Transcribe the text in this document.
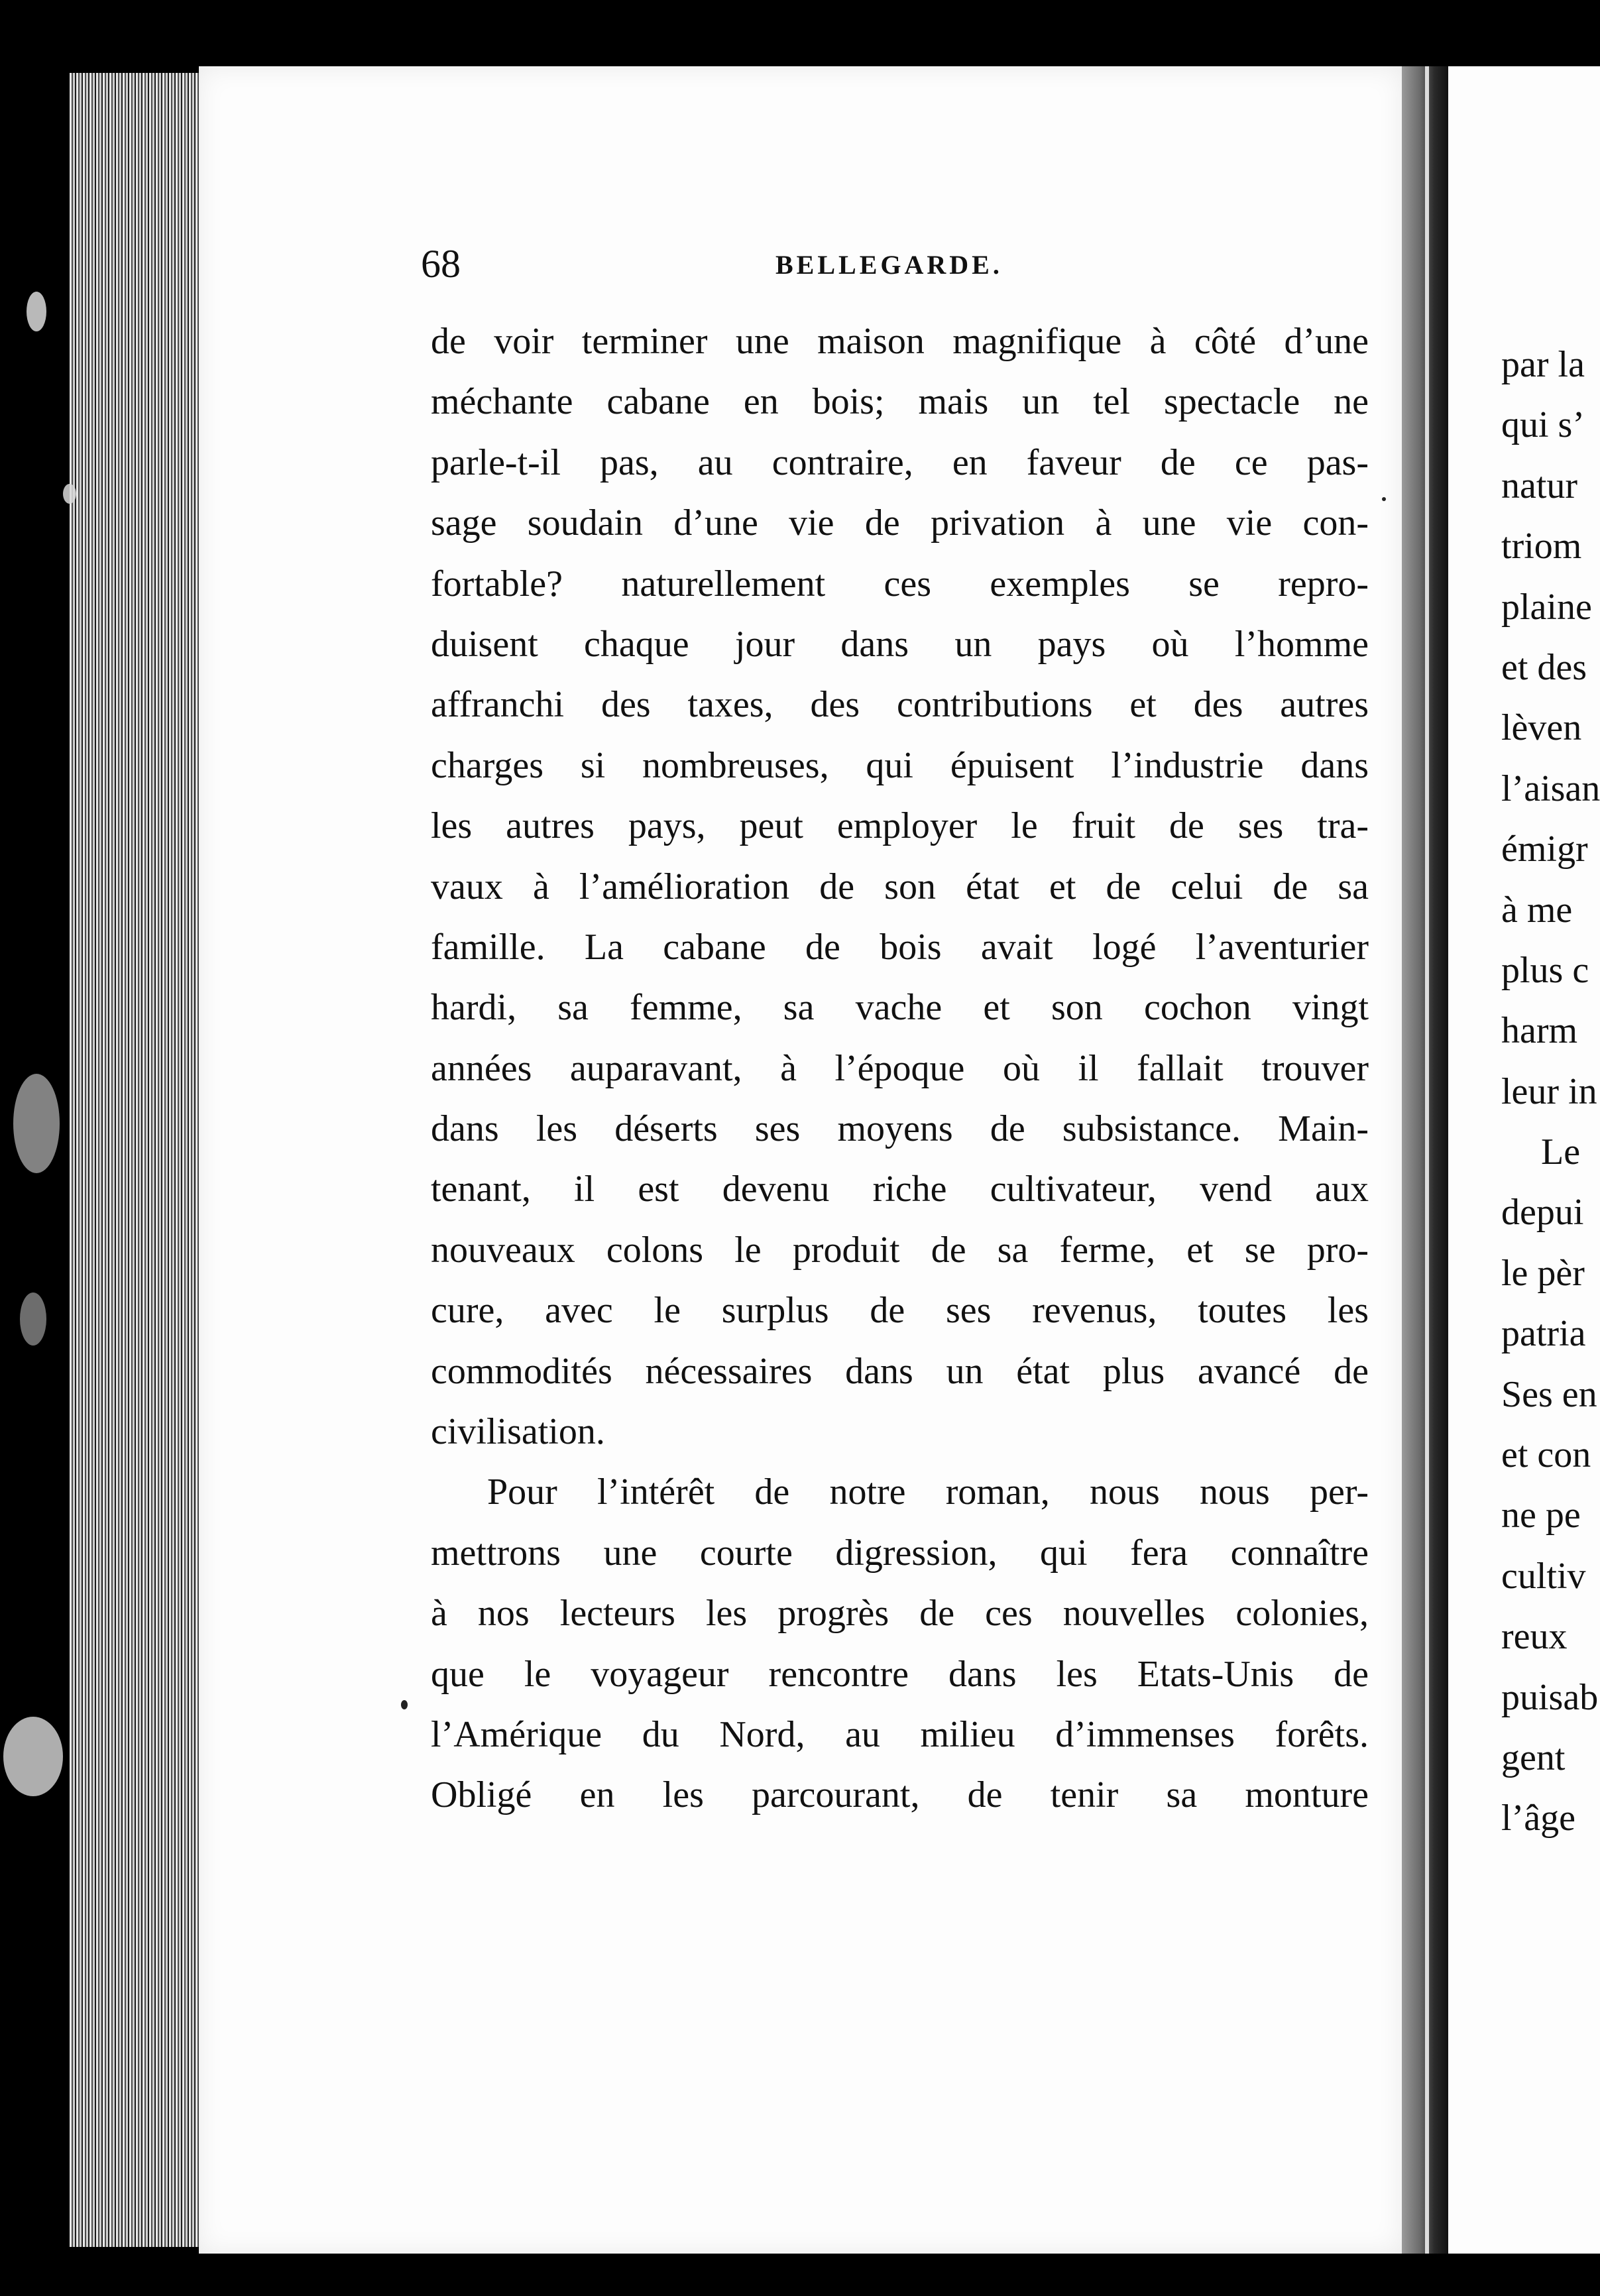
68	BELLEGARDE.
de voir terminer une maison magnifique à côté d’une
méchante cabane en bois; mais un tel spectacle ne
parle-t-il pas, au contraire, en faveur de ce pas-
sage soudain d’une vie de privation à une vie con-
fortable? naturellement ces exemples se repro-
duisent chaque jour dans un pays où l’homme
affranchi des taxes, des contributions et des autres
charges si nombreuses, qui épuisent l’industrie dans
les autres pays, peut employer le fruit de ses tra-
vaux à l’amélioration de son état et de celui de sa
famille. La cabane de bois avait logé l’aventurier
hardi, sa femme, sa vache et son cochon vingt
années auparavant, à l’époque où il fallait trouver
dans les déserts ses moyens de subsistance. Main-
tenant, il est devenu riche cultivateur, vend aux
nouveaux colons le produit de sa ferme, et se pro-
cure, avec le surplus de ses revenus, toutes les
commodités nécessaires dans un état plus avancé de
civilisation.
Pour l’intérêt de notre roman, nous nous per-
mettrons une courte digression, qui fera connaître
à nos lecteurs les progrès de ces nouvelles colonies,
que le voyageur rencontre dans les Etats-Unis de
l’Amérique du Nord, au milieu d’immenses forêts.
Obligé en les parcourant, de tenir sa monture
par la
qui s’
natur
triom
plaine
et des
lèven
l’aisan
émigr
à me
plus c
harm
leur in
Le
depui
le pèr
patria
Ses en
et con
ne pe
cultiv
reux
puisab
gent
l’âge
